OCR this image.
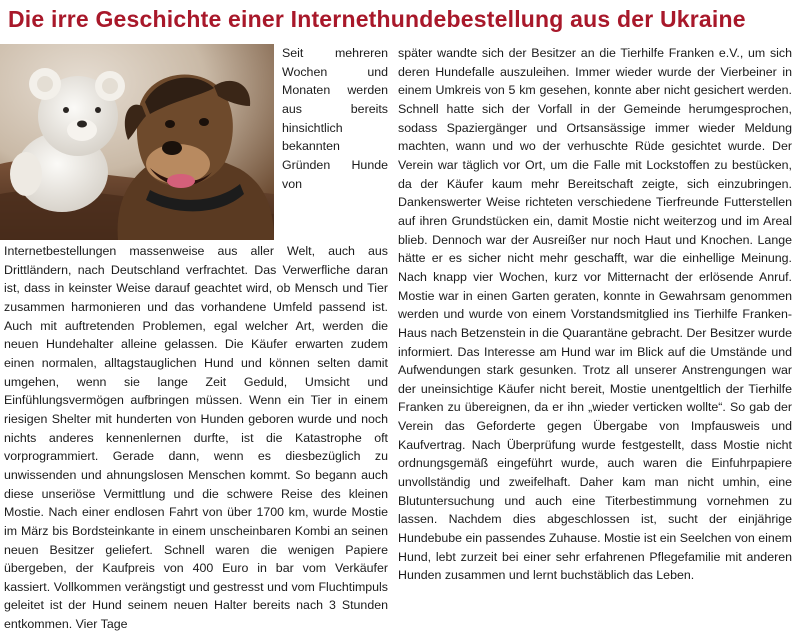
Die irre Geschichte einer Internethundebestellung aus der Ukraine

Seit mehreren Wochen und Monaten werden aus bereits hinsichtlich bekannten Gründen Hunde von Internetbestellungen massenweise aus aller Welt, auch aus Drittländern, nach Deutschland verfrachtet. Das Verwerfliche daran ist, dass in keinster Weise darauf geachtet wird, ob Mensch und Tier zusammen harmonieren und das vorhandene Umfeld passend ist. Auch mit auftretenden Problemen, egal welcher Art, werden die neuen Hundehalter alleine gelassen. Die Käufer erwarten zudem einen normalen, alltagstauglichen Hund und können selten damit umgehen, wenn sie lange Zeit Geduld, Umsicht und Einfühlungsvermögen aufbringen müssen. Wenn ein Tier in einem riesigen Shelter mit hunderten von Hunden geboren wurde und noch nichts anderes kennenlernen durfte, ist die Katastrophe oft vorprogrammiert. Gerade dann, wenn es diesbezüglich zu unwissenden und ahnungslosen Menschen kommt. So begann auch diese unseriöse Vermittlung und die schwere Reise des kleinen Mostie. Nach einer endlosen Fahrt von über 1700 km, wurde Mostie im März bis Bordsteinkante in einem unscheinbaren Kombi an seinen neuen Besitzer geliefert. Schnell waren die wenigen Papiere übergeben, der Kaufpreis von 400 Euro in bar vom Verkäufer kassiert. Vollkommen verängstigt und gestresst und vom Fluchtimpuls geleitet ist der Hund seinem neuen Halter bereits nach 3 Stunden entkommen. Vier Tage

später wandte sich der Besitzer an die Tierhilfe Franken e.V., um sich deren Hundefalle auszuleihen. Immer wieder wurde der Vierbeiner in einem Umkreis von 5 km gesehen, konnte aber nicht gesichert werden. Schnell hatte sich der Vorfall in der Gemeinde herumgesprochen, sodass Spaziergänger und Ortsansässige immer wieder Meldung machten, wann und wo der verhuschte Rüde gesichtet wurde. Der Verein war täglich vor Ort, um die Falle mit Lockstoffen zu bestücken, da der Käufer kaum mehr Bereitschaft zeigte, sich einzubringen. Dankenswerter Weise richteten verschiedene Tierfreunde Futterstellen auf ihren Grundstücken ein, damit Mostie nicht weiterzog und im Areal blieb. Dennoch war der Ausreißer nur noch Haut und Knochen. Lange hätte er es sicher nicht mehr geschafft, war die einhellige Meinung. Nach knapp vier Wochen, kurz vor Mitternacht der erlösende Anruf. Mostie war in einen Garten geraten, konnte in Gewahrsam genommen werden und wurde von einem Vorstandsmitglied ins Tierhilfe Franken-Haus nach Betzenstein in die Quarantäne gebracht. Der Besitzer wurde informiert. Das Interesse am Hund war im Blick auf die Umstände und Aufwendungen stark gesunken. Trotz all unserer Anstrengungen war der uneinsichtige Käufer nicht bereit, Mostie unentgeltlich der Tierhilfe Franken zu übereignen, da er ihn „wieder verticken wollte“. So gab der Verein das Geforderte gegen Übergabe von Impfausweis und Kaufvertrag. Nach Überprüfung wurde festgestellt, dass Mostie nicht ordnungsgemäß eingeführt wurde, auch waren die Einfuhrpapiere unvollständig und zweifelhaft. Daher kam man nicht umhin, eine Blutuntersuchung und auch eine Titerbestimmung vornehmen zu lassen. Nachdem dies abgeschlossen ist, sucht der einjährige Hundebube ein passendes Zuhause. Mostie ist ein Seelchen von einem Hund, lebt zurzeit bei einer sehr erfahrenen Pflegefamilie mit anderen Hunden zusammen und lernt buchstäblich das Leben.
